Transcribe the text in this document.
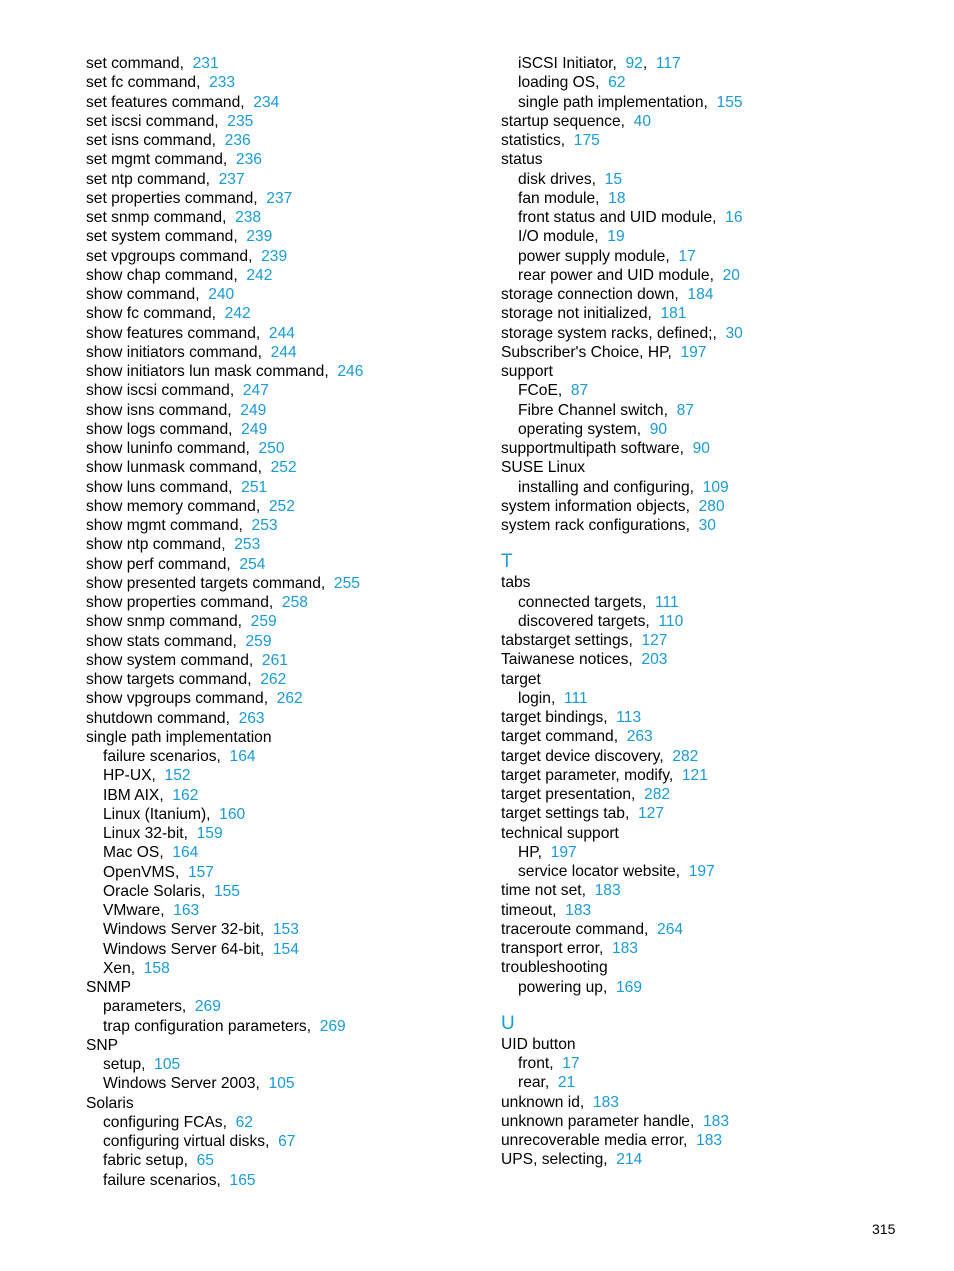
set command,  231
set fc command,  233
set features command,  234
set iscsi command,  235
set isns command,  236
set mgmt command,  236
set ntp command,  237
set properties command,  237
set snmp command,  238
set system command,  239
set vpgroups command,  239
show chap command,  242
show command,  240
show fc command,  242
show features command,  244
show initiators command,  244
show initiators lun mask command,  246
show iscsi command,  247
show isns command,  249
show logs command,  249
show luninfo command,  250
show lunmask command,  252
show luns command,  251
show memory command,  252
show mgmt command,  253
show ntp command,  253
show perf command,  254
show presented targets command,  255
show properties command,  258
show snmp command,  259
show stats command,  259
show system command,  261
show targets command,  262
show vpgroups command,  262
shutdown command,  263
single path implementation
failure scenarios,  164
HP-UX,  152
IBM AIX,  162
Linux (Itanium),  160
Linux 32-bit,  159
Mac OS,  164
OpenVMS,  157
Oracle Solaris,  155
VMware,  163
Windows Server 32-bit,  153
Windows Server 64-bit,  154
Xen,  158
SNMP
parameters,  269
trap configuration parameters,  269
SNP
setup,  105
Windows Server 2003,  105
Solaris
configuring FCAs,  62
configuring virtual disks,  67
fabric setup,  65
failure scenarios,  165
iSCSI Initiator,  92,  117
loading OS,  62
single path implementation,  155
startup sequence,  40
statistics,  175
status
disk drives,  15
fan module,  18
front status and UID module,  16
I/O module,  19
power supply module,  17
rear power and UID module,  20
storage connection down,  184
storage not initialized,  181
storage system racks, defined;,  30
Subscriber's Choice, HP,  197
support
FCoE,  87
Fibre Channel switch,  87
operating system,  90
supportmultipath software,  90
SUSE Linux
installing and configuring,  109
system information objects,  280
system rack configurations,  30
T
tabs
connected targets,  111
discovered targets,  110
tabstarget settings,  127
Taiwanese notices,  203
target
login,  111
target bindings,  113
target command,  263
target device discovery,  282
target parameter, modify,  121
target presentation,  282
target settings tab,  127
technical support
HP,  197
service locator website,  197
time not set,  183
timeout,  183
traceroute command,  264
transport error,  183
troubleshooting
powering up,  169
U
UID button
front,  17
rear,  21
unknown id,  183
unknown parameter handle,  183
unrecoverable media error,  183
UPS, selecting,  214
315
